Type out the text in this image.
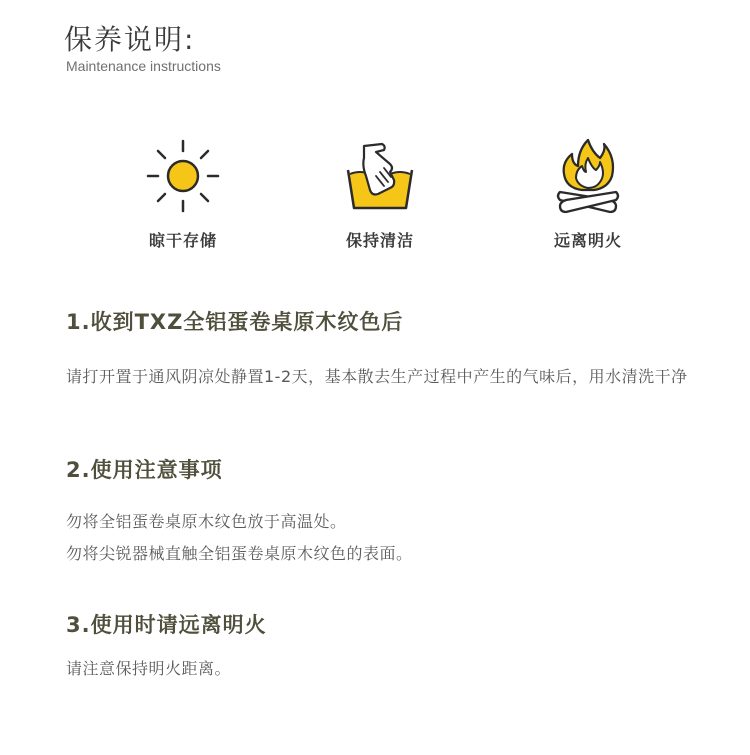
保养说明:
Maintenance instructions
晾干存储	保持清洁	远离明火
1.收到TXZ全铝蛋卷桌原木纹色后
请打开置于通风阴凉处静置1-2天，基本散去生产过程中产生的气味后，用水清洗干净
2.使用注意事项
勿将全铝蛋卷桌原木纹色放于高温处。
勿将尖锐器械直触全铝蛋卷桌原木纹色的表面。
3.使用时请远离明火
请注意保持明火距离。
